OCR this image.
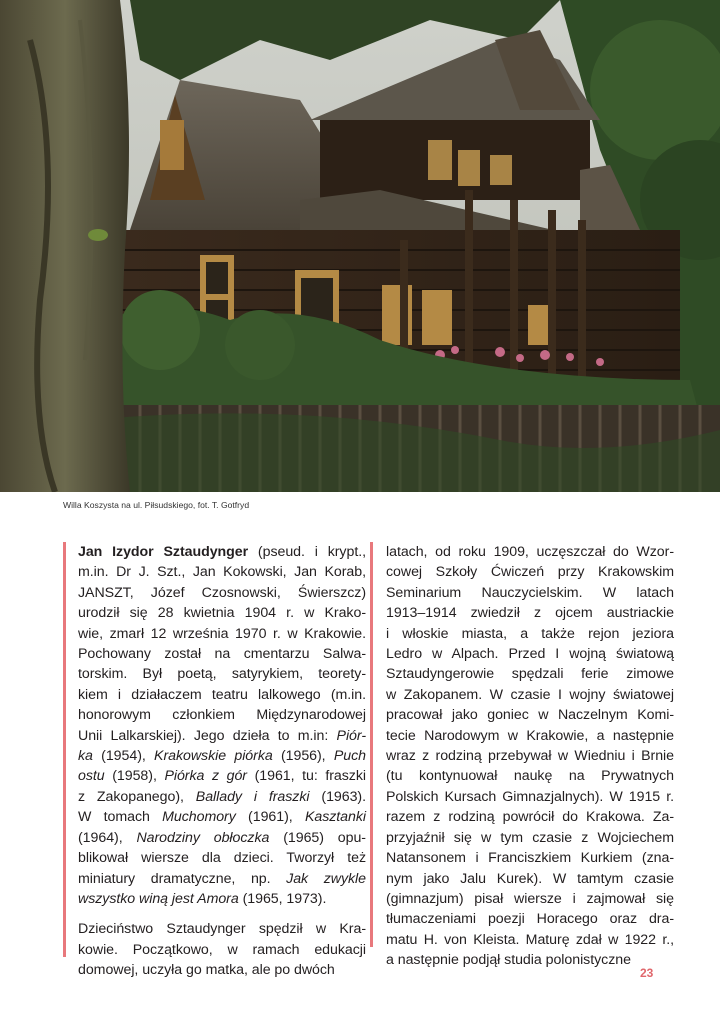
Willa Koszysta na ul. Piłsudskiego, fot. T. Gotfryd
Jan Izydor Sztaudynger (pseud. i krypt.,
m.in. Dr J. Szt., Jan Kokowski, Jan Korab,
JANSZT, Józef Czosnowski, Świerszcz)
urodził się 28 kwietnia 1904 r. w Krako-
wie, zmarł 12 września 1970 r. w Krakowie.
Pochowany został na cmentarzu Salwa-
torskim. Był poetą, satyrykiem, teorety-
kiem i działaczem teatru lalkowego (m.in.
honorowym członkiem Międzynarodowej
Unii Lalkarskiej). Jego dzieła to m.in: Piór-
ka (1954), Krakowskie piórka (1956), Puch
ostu (1958), Piórka z gór (1961, tu: fraszki
z Zakopanego), Ballady i fraszki (1963).
W tomach Muchomory (1961), Kasztanki
(1964), Narodziny obłoczka (1965) opu-
blikował wiersze dla dzieci. Tworzył też
miniatury dramatyczne, np. Jak zwykle
wszystko winą jest Amora (1965, 1973).
Dzieciństwo Sztaudynger spędził w Kra-
kowie. Początkowo, w ramach edukacji
domowej, uczyła go matka, ale po dwóch
latach, od roku 1909, uczęszczał do Wzor-
cowej Szkoły Ćwiczeń przy Krakowskim
Seminarium Nauczycielskim. W latach
1913–1914 zwiedził z ojcem austriackie
i włoskie miasta, a także rejon jeziora
Ledro w Alpach. Przed I wojną światową
Sztaudyngerowie spędzali ferie zimowe
w Zakopanem. W czasie I wojny światowej
pracował jako goniec w Naczelnym Komi-
tecie Narodowym w Krakowie, a następnie
wraz z rodziną przebywał w Wiedniu i Brnie
(tu kontynuował naukę na Prywatnych
Polskich Kursach Gimnazjalnych). W 1915 r.
razem z rodziną powrócił do Krakowa. Za-
przyjaźnił się w tym czasie z Wojciechem
Natansonem i Franciszkiem Kurkiem (zna-
nym jako Jalu Kurek). W tamtym czasie
(gimnazjum) pisał wiersze i zajmował się
tłumaczeniami poezji Horacego oraz dra-
matu H. von Kleista. Maturę zdał w 1922 r.,
a następnie podjął studia polonistyczne
23
